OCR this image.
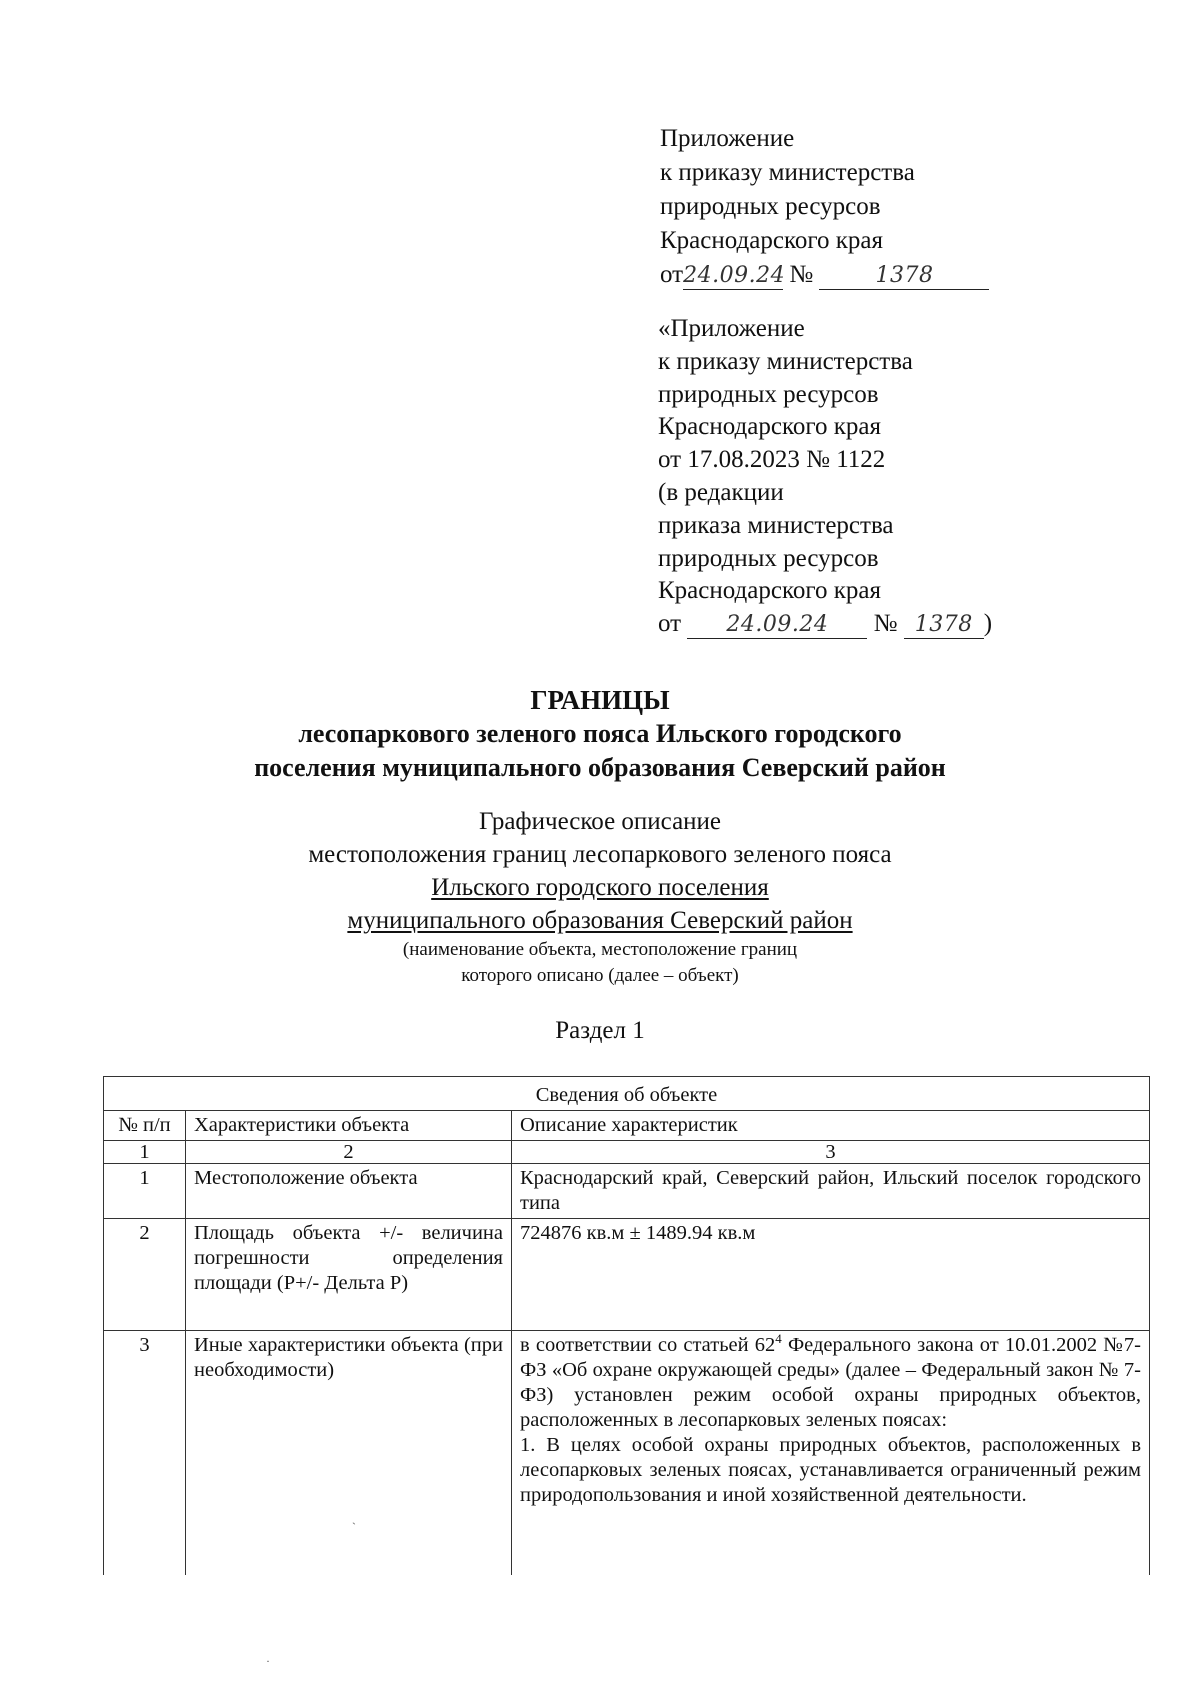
Приложение
к приказу министерства
природных ресурсов
Краснодарского края
от24.09.24 №	1378
«Приложение
к приказу министерства
природных ресурсов
Краснодарского края
от 17.08.2023 № 1122
(в редакции
приказа министерства
природных ресурсов
Краснодарского края
от 24.09.24 № 1378 )
ГРАНИЦЫ
лесопаркового зеленого пояса Ильского городского
поселения муниципального образования Северский район
Графическое описание
местоположения границ лесопаркового зеленого пояса
Ильского городского поселения
муниципального образования Северский район
(наименование объекта, местоположение границ
которого описано (далее – объект)
Раздел 1
Сведения об объекте		
№ п/п	Характеристики объекта	Описание характеристик
1	2	3
1	Местоположение объекта	Краснодарский край, Северский район, Ильский поселок городского типа
2	Площадь объекта +/- величина погрешности определения площади (P+/- Дельта P)	724876 кв.м ± 1489.94 кв.м
3	Иные характеристики объекта (при необходимости)	в соответствии со статьей $62^4$ Федерального закона от 10.01.2002 №7-ФЗ «Об охране окружающей среды» (далее – Федеральный закон № 7-ФЗ) установлен режим особой охраны природных объектов, расположенных в лесопарковых зеленых поясах:
1. В целях особой охраны природных объектов, расположенных в лесопарковых зеленых поясах, устанавливается ограниченный режим природопользования и иной хозяйственной деятельности.
ˋ
·
